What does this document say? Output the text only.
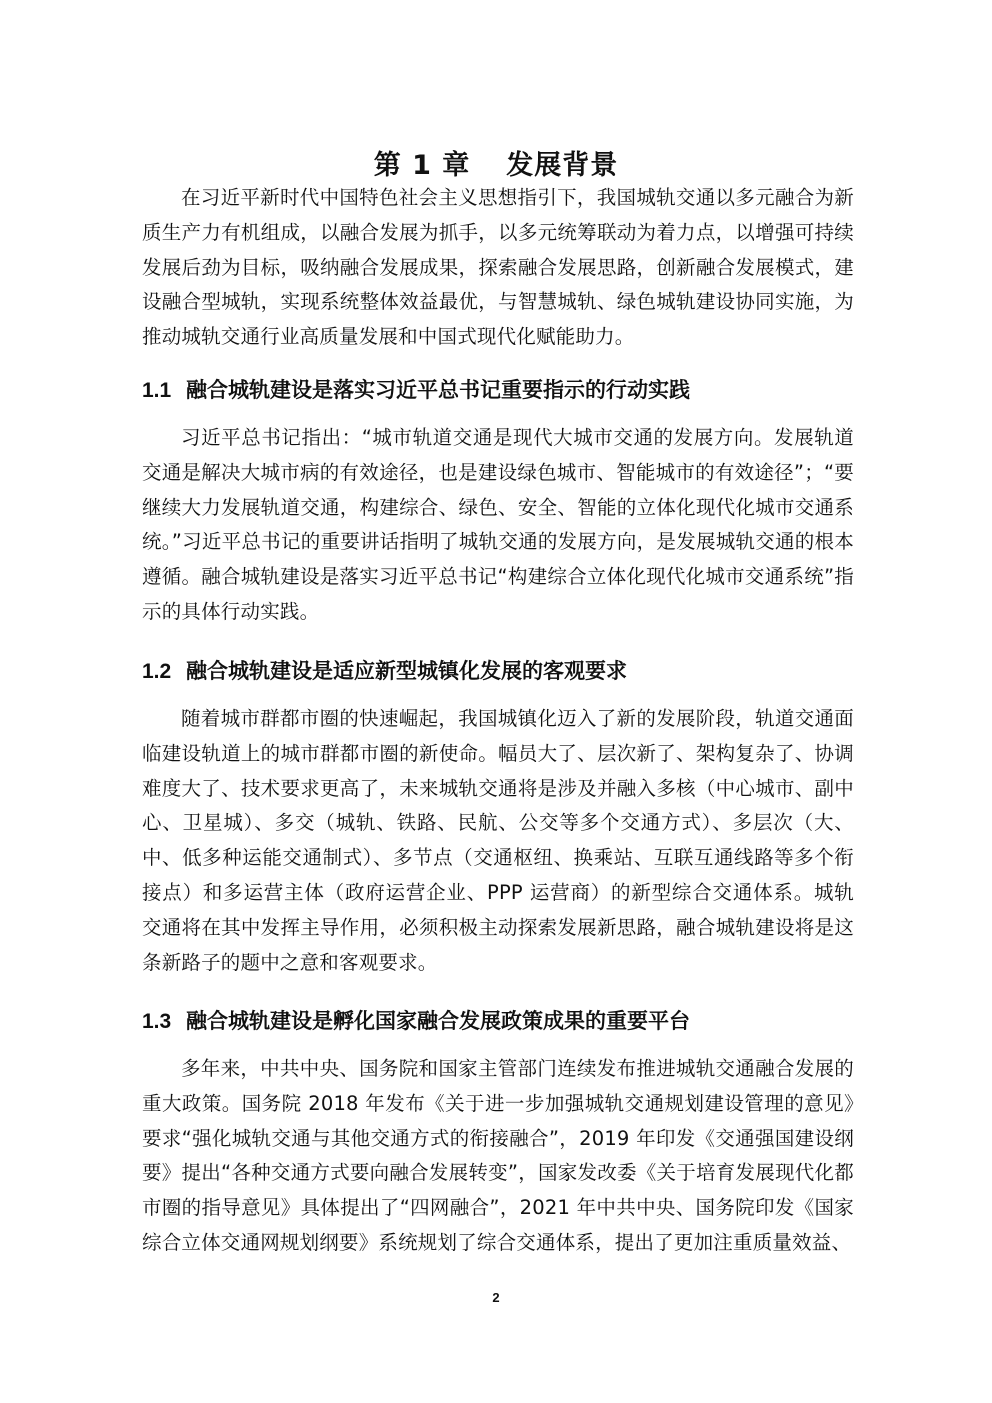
第 1 章 发展背景

在习近平新时代中国特色社会主义思想指引下，我国城轨交通以多元融合为新质生产力有机组成，以融合发展为抓手，以多元统筹联动为着力点，以增强可持续发展后劲为目标，吸纳融合发展成果，探索融合发展思路，创新融合发展模式，建设融合型城轨，实现系统整体效益最优，与智慧城轨、绿色城轨建设协同实施，为推动城轨交通行业高质量发展和中国式现代化赋能助力。

1.1 融合城轨建设是落实习近平总书记重要指示的行动实践

习近平总书记指出：“城市轨道交通是现代大城市交通的发展方向。发展轨道交通是解决大城市病的有效途径，也是建设绿色城市、智能城市的有效途径”；“要继续大力发展轨道交通，构建综合、绿色、安全、智能的立体化现代化城市交通系统。”习近平总书记的重要讲话指明了城轨交通的发展方向，是发展城轨交通的根本遵循。融合城轨建设是落实习近平总书记“构建综合立体化现代化城市交通系统”指示的具体行动实践。

1.2 融合城轨建设是适应新型城镇化发展的客观要求

随着城市群都市圈的快速崛起，我国城镇化迈入了新的发展阶段，轨道交通面临建设轨道上的城市群都市圈的新使命。幅员大了、层次新了、架构复杂了、协调难度大了、技术要求更高了，未来城轨交通将是涉及并融入多核（中心城市、副中心、卫星城）、多交（城轨、铁路、民航、公交等多个交通方式）、多层次（大、中、低多种运能交通制式）、多节点（交通枢纽、换乘站、互联互通线路等多个衔接点）和多运营主体（政府运营企业、PPP 运营商）的新型综合交通体系。城轨交通将在其中发挥主导作用，必须积极主动探索发展新思路，融合城轨建设将是这条新路子的题中之意和客观要求。

1.3 融合城轨建设是孵化国家融合发展政策成果的重要平台

多年来，中共中央、国务院和国家主管部门连续发布推进城轨交通融合发展的重大政策。国务院 2018 年发布《关于进一步加强城轨交通规划建设管理的意见》要求“强化城轨交通与其他交通方式的衔接融合”，2019 年印发《交通强国建设纲要》提出“各种交通方式要向融合发展转变”，国家发改委《关于培育发展现代化都市圈的指导意见》具体提出了“四网融合”，2021 年中共中央、国务院印发《国家综合立体交通网规划纲要》系统规划了综合交通体系，提出了更加注重质量效益、

2
